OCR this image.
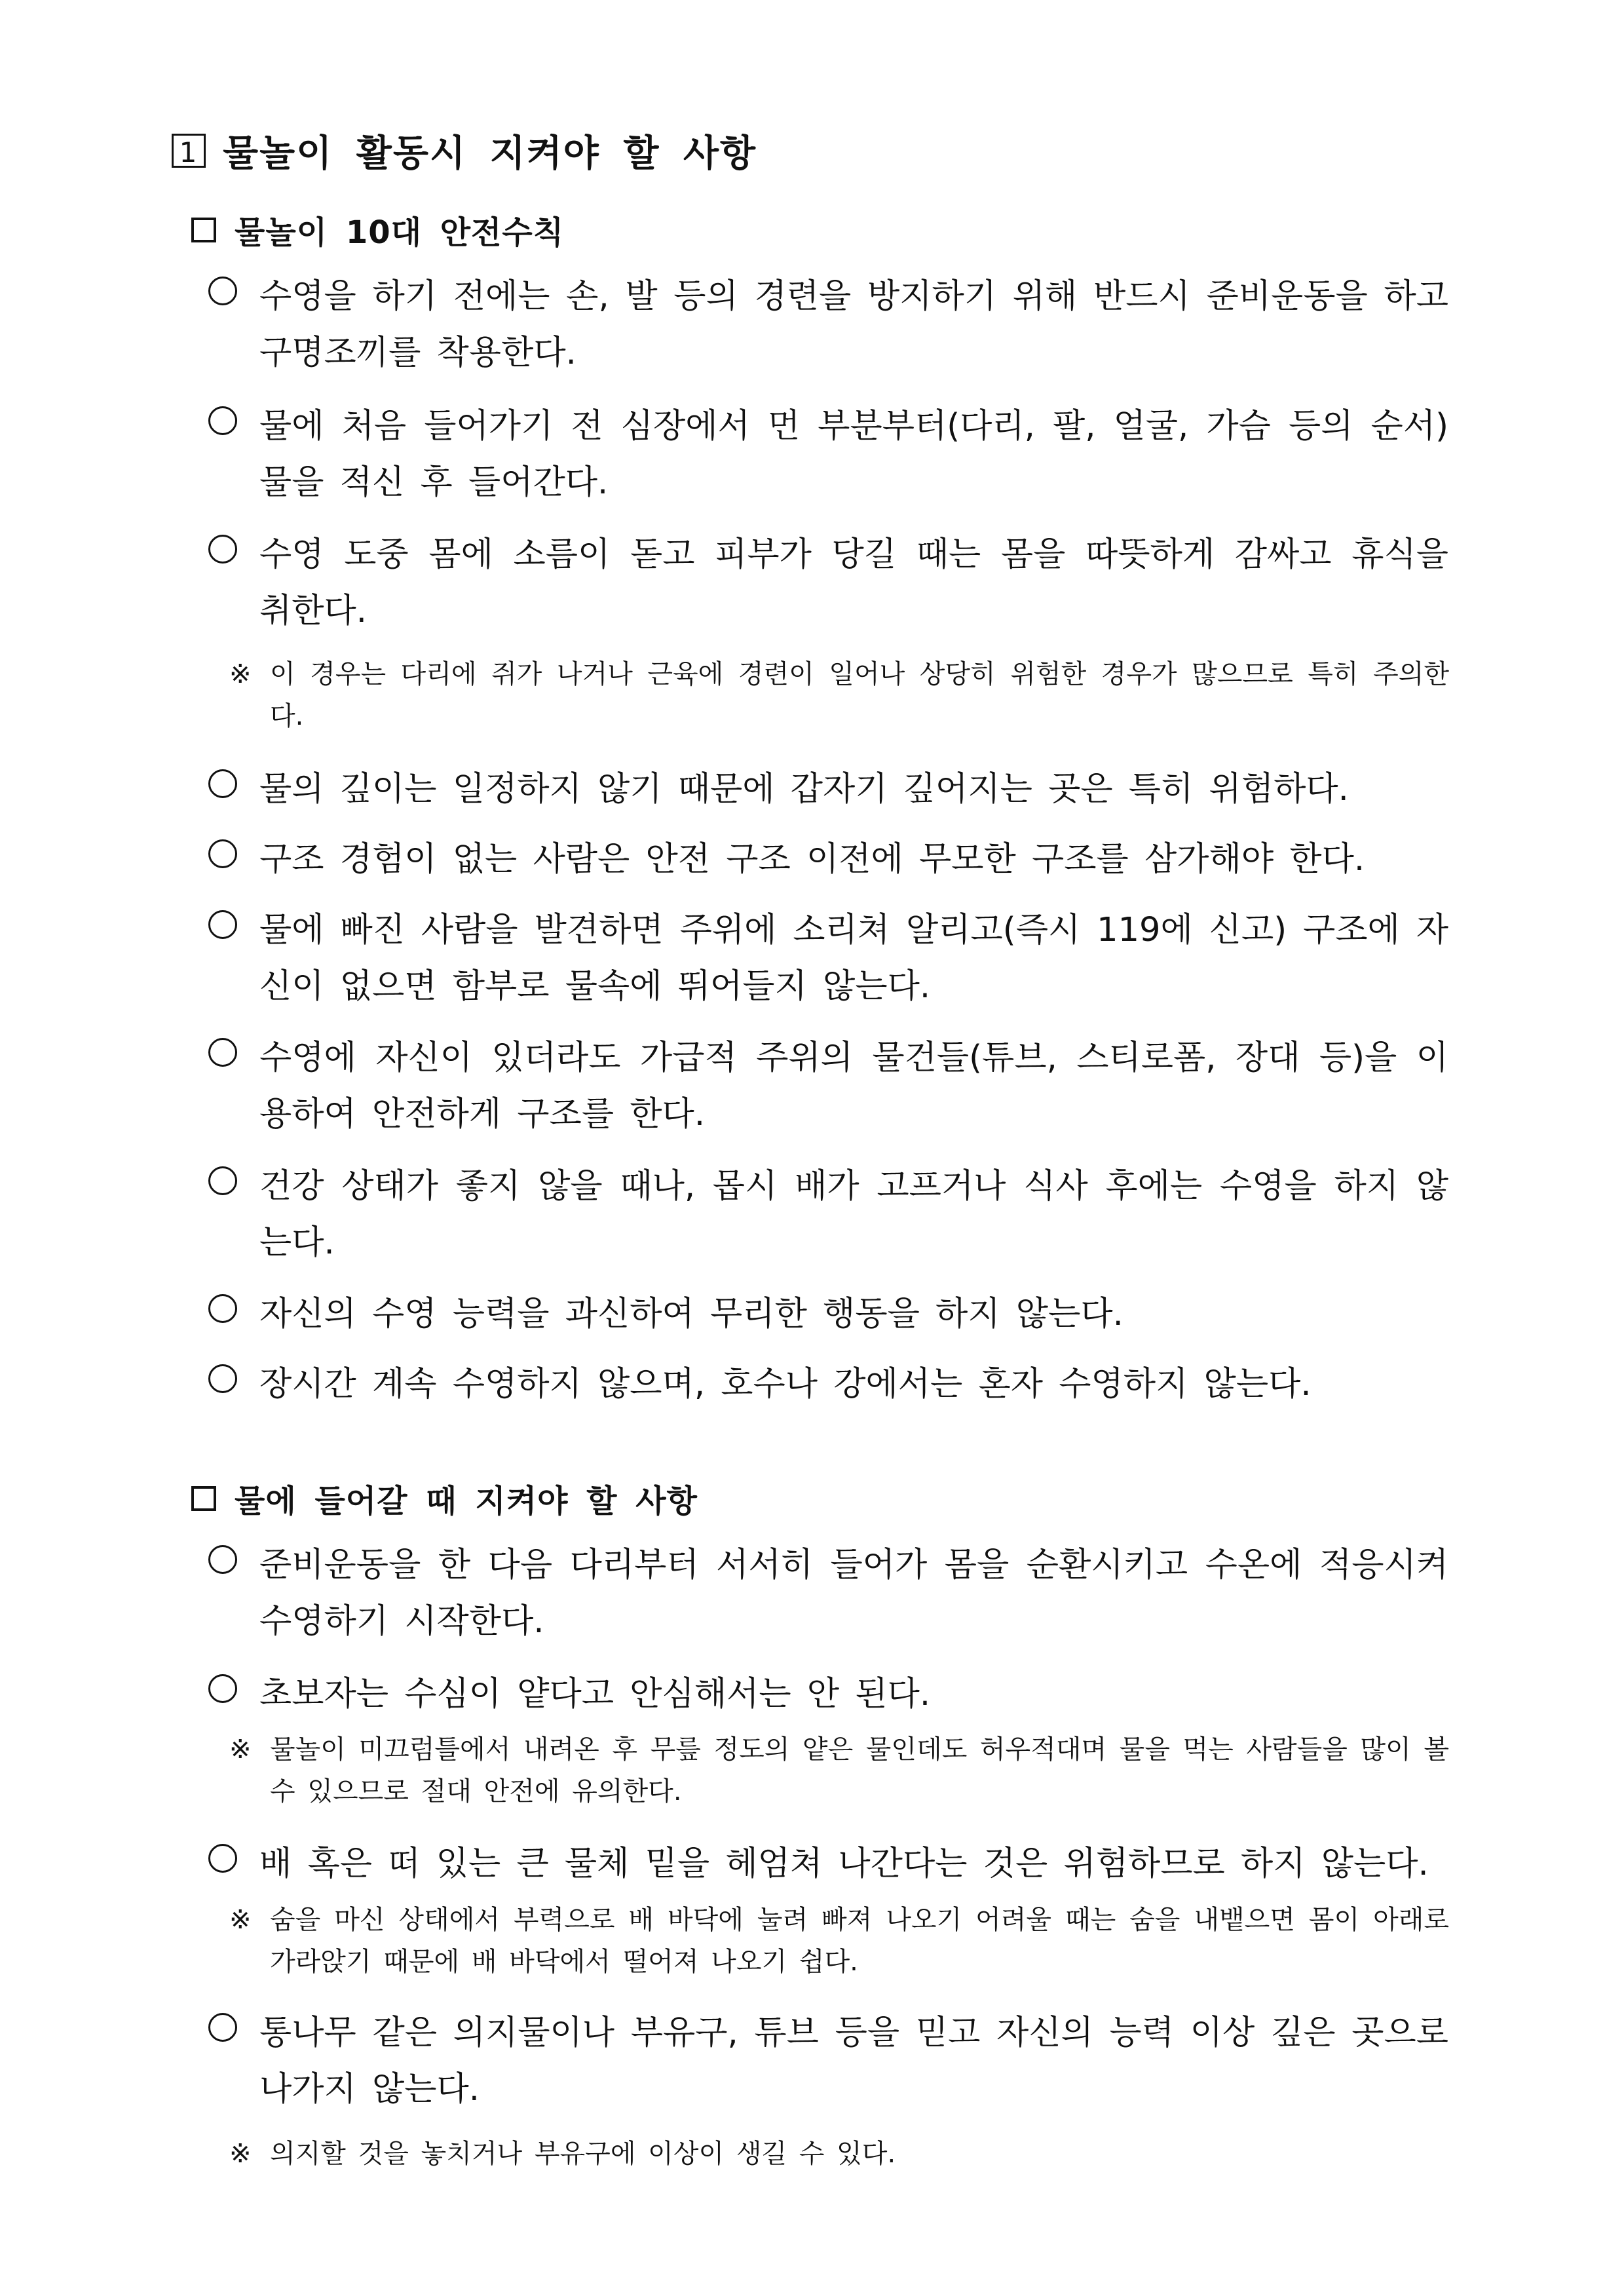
1 물놀이 활동시 지켜야 할 사항
물놀이 10대 안전수칙
수영을 하기 전에는 손, 발 등의 경련을 방지하기 위해 반드시 준비운동을 하고 구명조끼를 착용한다.
물에 처음 들어가기 전 심장에서 먼 부분부터(다리, 팔, 얼굴, 가슴 등의 순서) 물을 적신 후 들어간다.
수영 도중 몸에 소름이 돋고 피부가 당길 때는 몸을 따뜻하게 감싸고 휴식을 취한다.
※ 이 경우는 다리에 쥐가 나거나 근육에 경련이 일어나 상당히 위험한 경우가 많으므로 특히 주의한다.
물의 깊이는 일정하지 않기 때문에 갑자기 깊어지는 곳은 특히 위험하다.
구조 경험이 없는 사람은 안전 구조 이전에 무모한 구조를 삼가해야 한다.
물에 빠진 사람을 발견하면 주위에 소리쳐 알리고(즉시 119에 신고) 구조에 자신이 없으면 함부로 물속에 뛰어들지 않는다.
수영에 자신이 있더라도 가급적 주위의 물건들(튜브, 스티로폼, 장대 등)을 이용하여 안전하게 구조를 한다.
건강 상태가 좋지 않을 때나, 몹시 배가 고프거나 식사 후에는 수영을 하지 않는다.
자신의 수영 능력을 과신하여 무리한 행동을 하지 않는다.
장시간 계속 수영하지 않으며, 호수나 강에서는 혼자 수영하지 않는다.
물에 들어갈 때 지켜야 할 사항
준비운동을 한 다음 다리부터 서서히 들어가 몸을 순환시키고 수온에 적응시켜 수영하기 시작한다.
초보자는 수심이 얕다고 안심해서는 안 된다.
※ 물놀이 미끄럼틀에서 내려온 후 무릎 정도의 얕은 물인데도 허우적대며 물을 먹는 사람들을 많이 볼 수 있으므로 절대 안전에 유의한다.
배 혹은 떠 있는 큰 물체 밑을 헤엄쳐 나간다는 것은 위험하므로 하지 않는다.
※ 숨을 마신 상태에서 부력으로 배 바닥에 눌려 빠져 나오기 어려울 때는 숨을 내뱉으면 몸이 아래로 가라앉기 때문에 배 바닥에서 떨어져 나오기 쉽다.
통나무 같은 의지물이나 부유구, 튜브 등을 믿고 자신의 능력 이상 깊은 곳으로 나가지 않는다.
※ 의지할 것을 놓치거나 부유구에 이상이 생길 수 있다.
